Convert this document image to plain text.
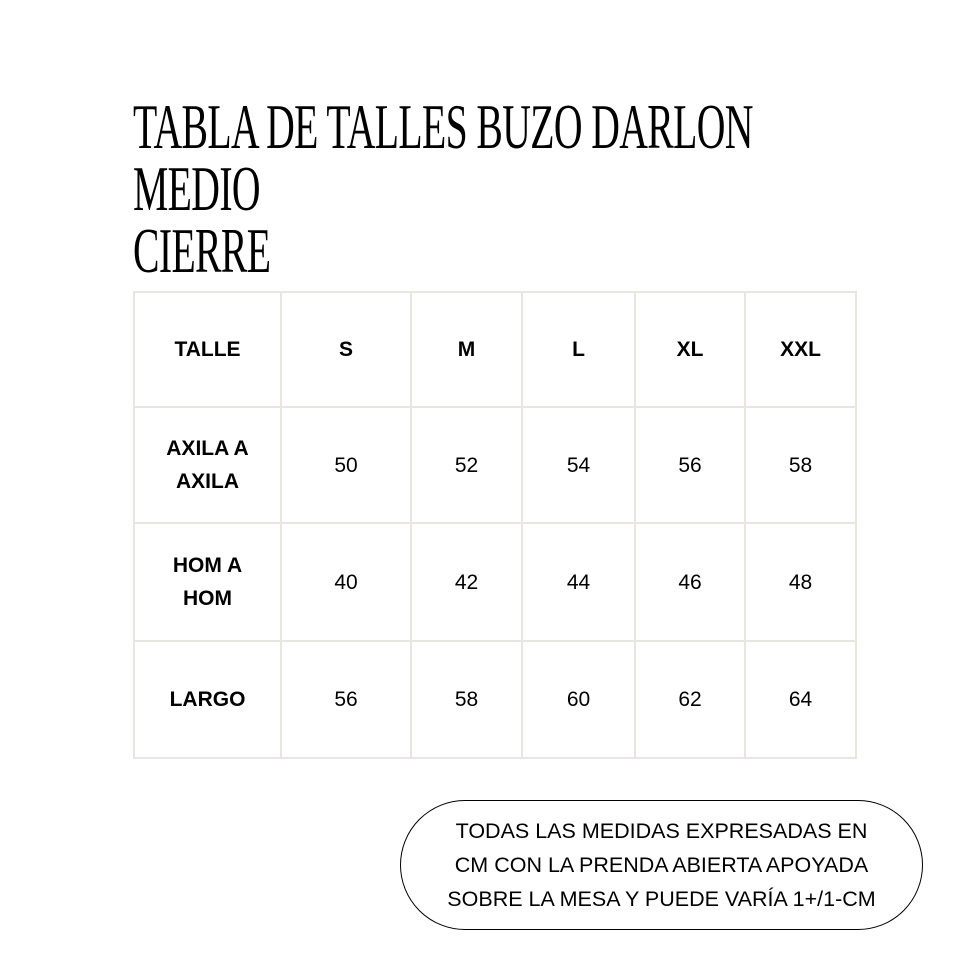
TABLA DE TALLES BUZO DARLON MEDIO
CIERRE
TALLE	S	M	L	XL	XXL

AXILA A
AXILA	50	52	54	56	58

HOM A
HOM	40	42	44	46	48
LARGO	56	58	60	62	64
TODAS LAS MEDIDAS EXPRESADAS EN
CM CON LA PRENDA ABIERTA APOYADA
SOBRE LA MESA Y PUEDE VARÍA 1+/1-CM
